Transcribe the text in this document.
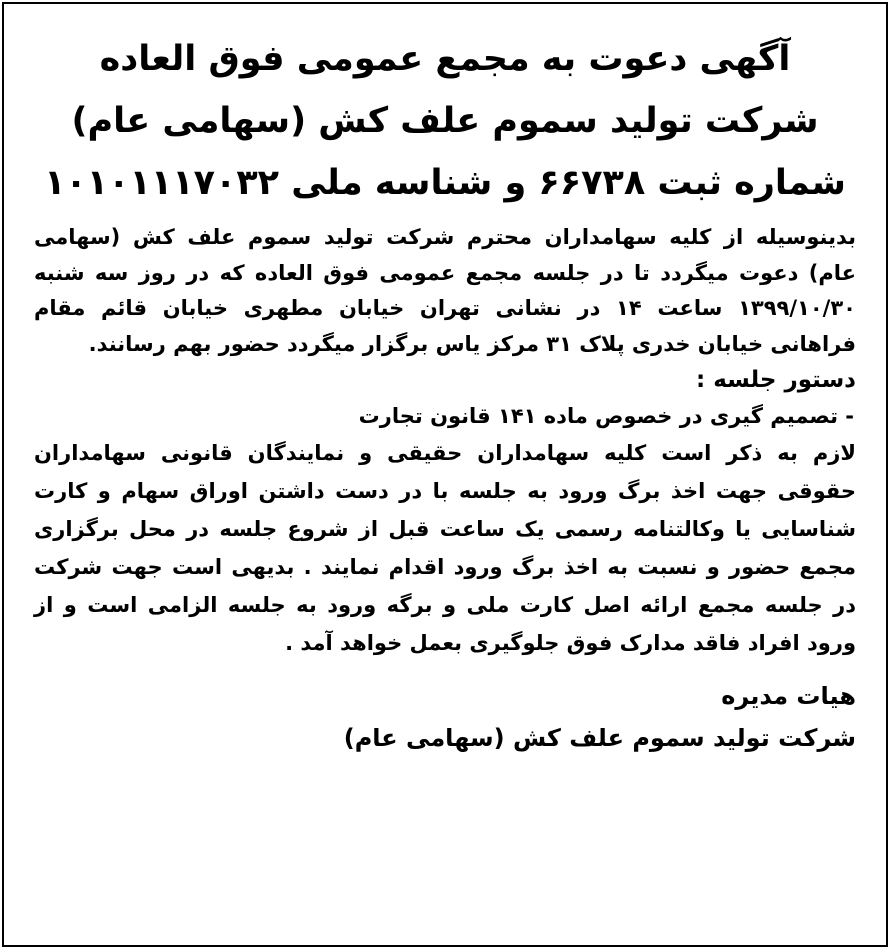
آگهی دعوت به مجمع عمومی فوق العاده
شرکت تولید سموم علف کش (سهامی عام)
شماره ثبت ۶۶۷۳۸ و شناسه ملی ۱۰۱۰۱۱۱۷۰۳۲

بدینوسیله از کلیه سهامداران محترم شرکت تولید سموم علف کش (سهامی عام) دعوت میگردد تا در جلسه مجمع عمومی فوق العاده که در روز سه شنبه ۱۳۹۹/۱۰/۳۰ ساعت ۱۴ در نشانی تهران خیابان مطهری خیابان قائم مقام فراهانی خیابان خدری پلاک ۳۱ مرکز یاس برگزار میگردد حضور بهم رسانند.

دستور جلسه :

- تصمیم گیری در خصوص ماده ۱۴۱ قانون تجارت

لازم به ذکر است کلیه سهامداران حقیقی و نمایندگان قانونی سهامداران حقوقی جهت اخذ برگ ورود به جلسه با در دست داشتن اوراق سهام و کارت شناسایی یا وکالتنامه رسمی یک ساعت قبل از شروع جلسه در محل برگزاری مجمع حضور و نسبت به اخذ برگ ورود اقدام نمایند . بدیهی است جهت شرکت در جلسه مجمع ارائه اصل کارت ملی و برگه ورود به جلسه الزامی است و از ورود افراد فاقد مدارک فوق جلوگیری بعمل خواهد آمد .

هیات مدیره

شرکت تولید سموم علف کش (سهامی عام)
